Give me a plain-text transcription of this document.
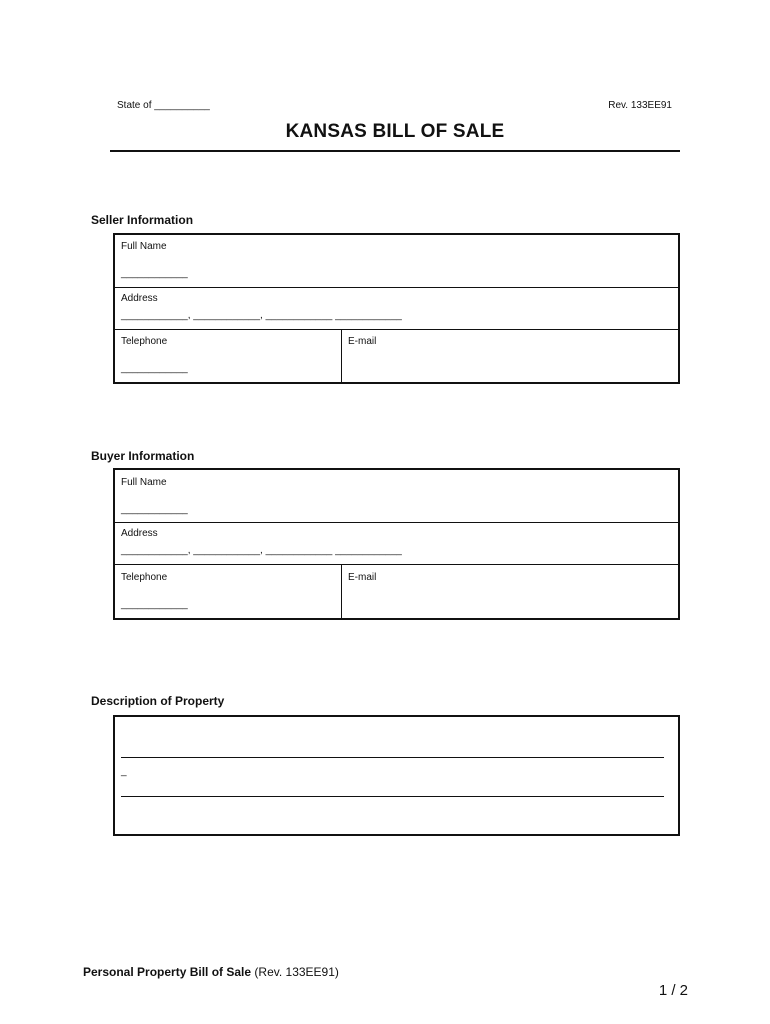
State of __________	Rev. 133EE91
KANSAS BILL OF SALE
Seller Information
Full Name
____________
Address
____________, ____________, ____________ ____________
Telephone
____________
E-mail
Buyer Information
Full Name
____________
Address
____________, ____________, ____________ ____________
Telephone
____________
E-mail
Description of Property
_
Personal Property Bill of Sale (Rev. 133EE91)
1 / 2
